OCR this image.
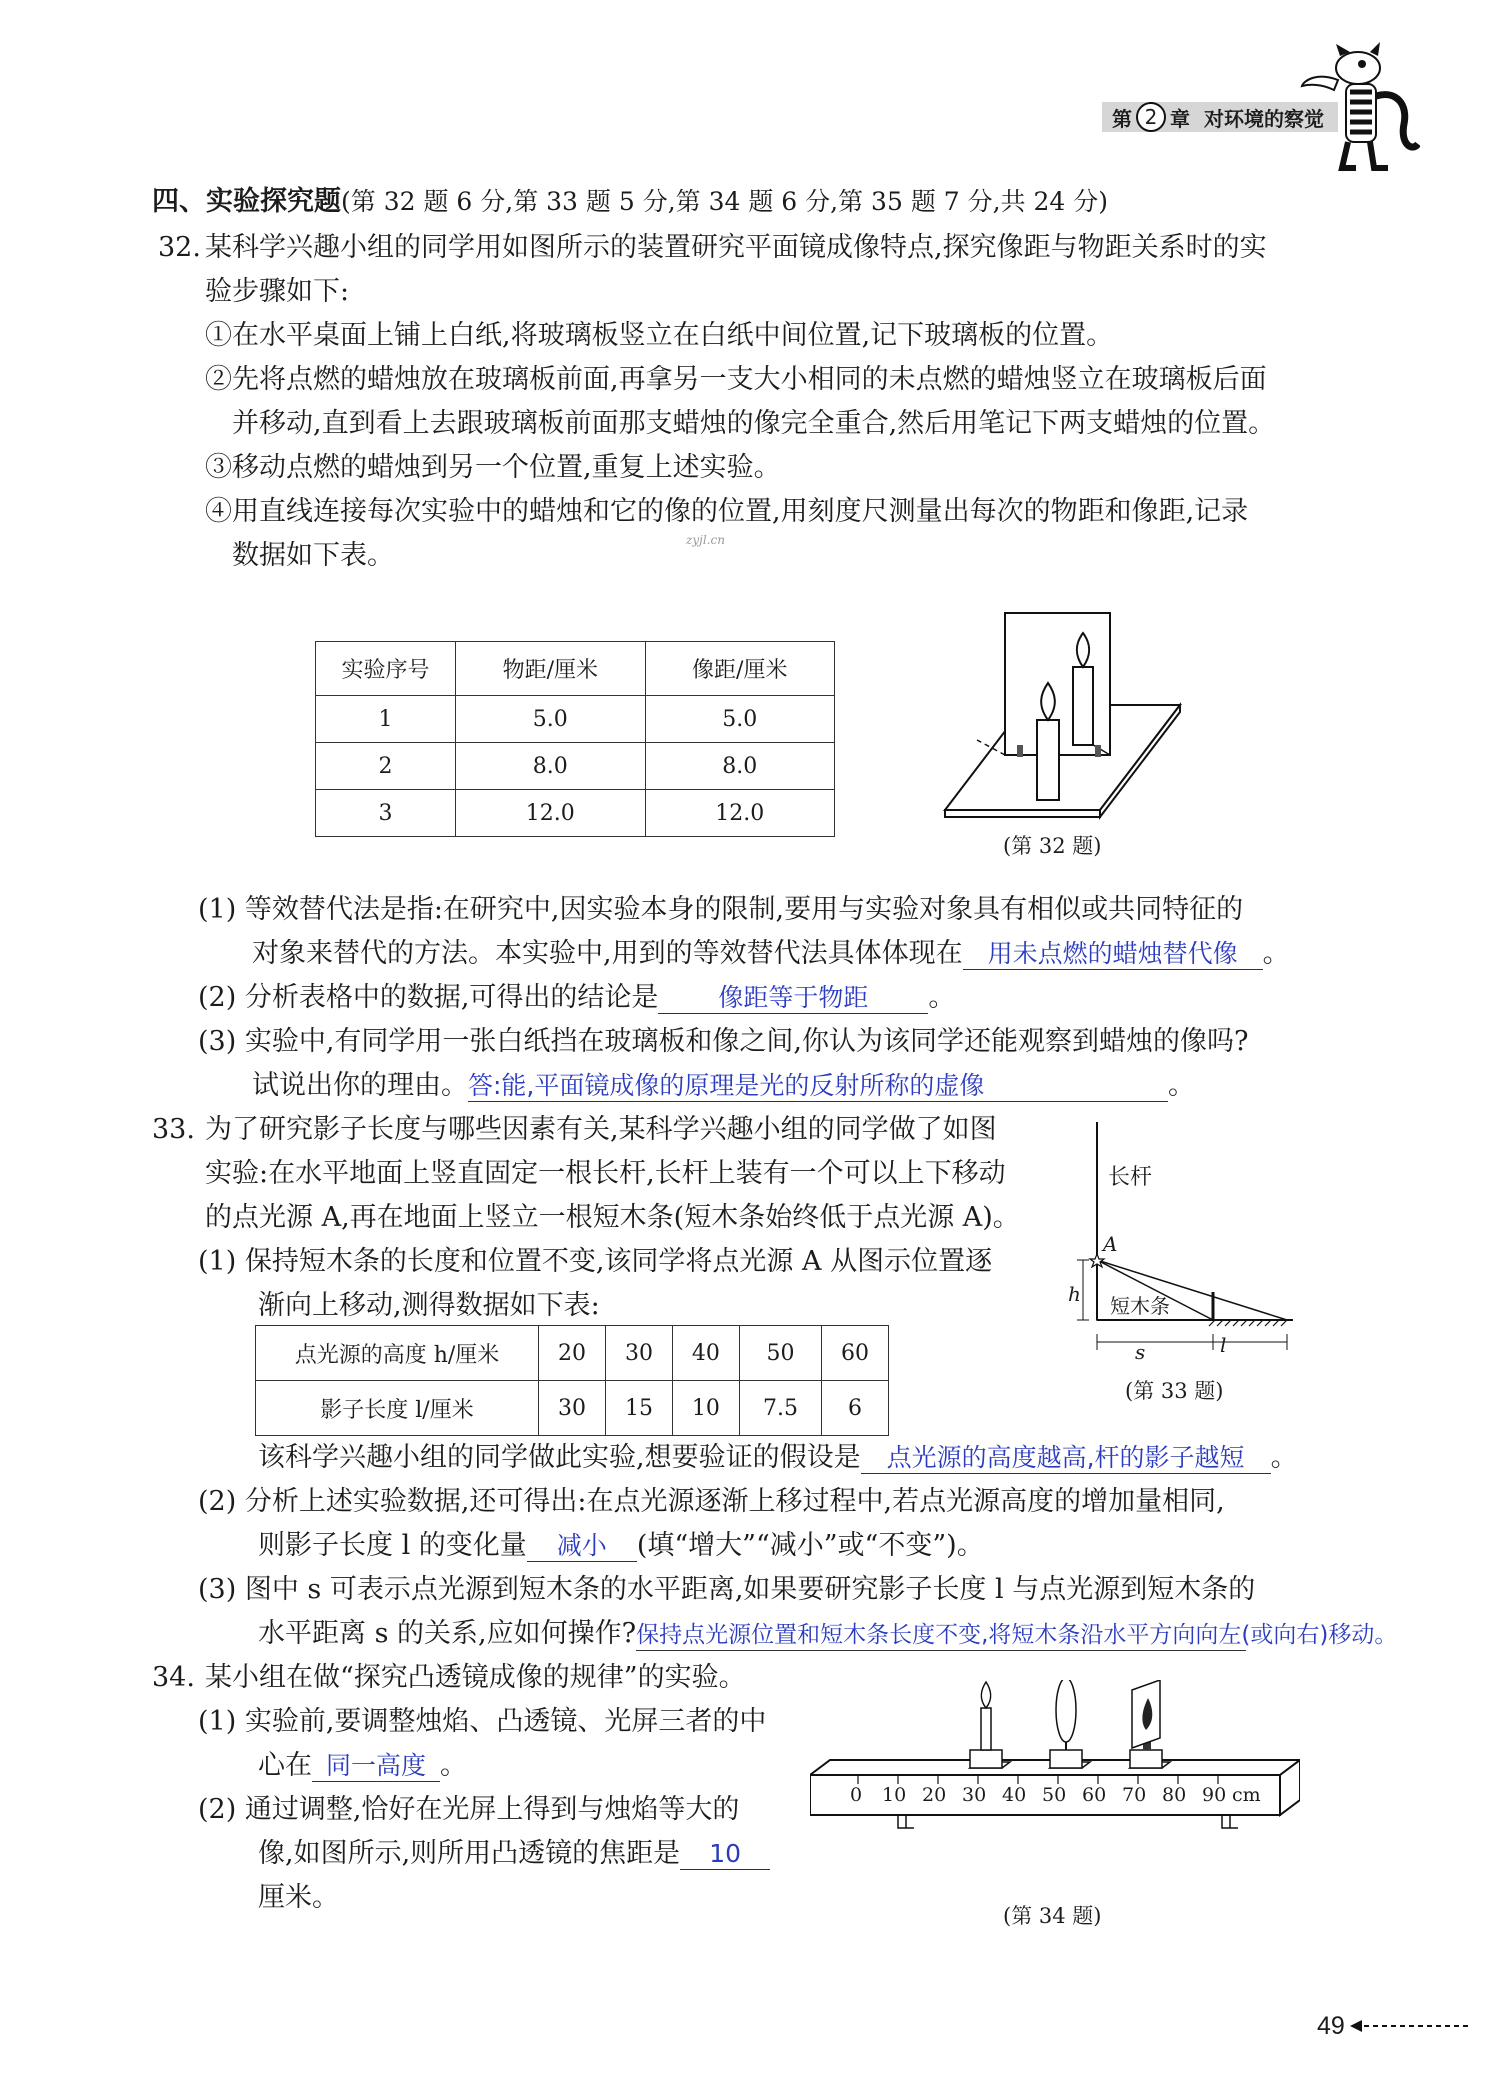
第 2 章 对环境的察觉
四、实验探究题(第 32 题 6 分,第 33 题 5 分,第 34 题 6 分,第 35 题 7 分,共 24 分)
32. 某科学兴趣小组的同学用如图所示的装置研究平面镜成像特点,探究像距与物距关系时的实
验步骤如下:
①在水平桌面上铺上白纸,将玻璃板竖立在白纸中间位置,记下玻璃板的位置。
②先将点燃的蜡烛放在玻璃板前面,再拿另一支大小相同的未点燃的蜡烛竖立在玻璃板后面
并移动,直到看上去跟玻璃板前面那支蜡烛的像完全重合,然后用笔记下两支蜡烛的位置。
③移动点燃的蜡烛到另一个位置,重复上述实验。
④用直线连接每次实验中的蜡烛和它的像的位置,用刻度尺测量出每次的物距和像距,记录
数据如下表。	zyjl.cn
实验序号	物距/厘米	像距/厘米
1	5.0	5.0
2	8.0	8.0
3	12.0	12.0
(第 32 题)
(1) 等效替代法是指:在研究中,因实验本身的限制,要用与实验对象具有相似或共同特征的
对象来替代的方法。本实验中,用到的等效替代法具体体现在 用未点燃的蜡烛替代像 。
(2) 分析表格中的数据,可得出的结论是 像距等于物距 。
(3) 实验中,有同学用一张白纸挡在玻璃板和像之间,你认为该同学还能观察到蜡烛的像吗?
试说出你的理由。答:能,平面镜成像的原理是光的反射所称的虚像	。
33. 为了研究影子长度与哪些因素有关,某科学兴趣小组的同学做了如图
实验:在水平地面上竖直固定一根长杆,长杆上装有一个可以上下移动
的点光源 A,再在地面上竖立一根短木条(短木条始终低于点光源 A)。
(1) 保持短木条的长度和位置不变,该同学将点光源 A 从图示位置逐
渐向上移动,测得数据如下表:
点光源的高度 h/厘米	20	30	40	50	60
影子长度 l/厘米	30	15	10	7.5	6
长杆
A
h 短木条
s	l
(第 33 题)
该科学兴趣小组的同学做此实验,想要验证的假设是 点光源的高度越高,杆的影子越短 。
(2) 分析上述实验数据,还可得出:在点光源逐渐上移过程中,若点光源高度的增加量相同,
则影子长度 l 的变化量 减小 (填“增大”“减小”或“不变”)。
(3) 图中 s 可表示点光源到短木条的水平距离,如果要研究影子长度 l 与点光源到短木条的
水平距离 s 的关系,应如何操作?保持点光源位置和短木条长度不变,将短木条沿水平方向向左(或向右)移动。
34. 某小组在做“探究凸透镜成像的规律”的实验。
(1) 实验前,要调整烛焰、凸透镜、光屏三者的中
心在 同一高度 。
(2) 通过调整,恰好在光屏上得到与烛焰等大的
像,如图所示,则所用凸透镜的焦距是 10
厘米。
0 10 20 30 40 50 60 70 80 90 cm
(第 34 题)
49
